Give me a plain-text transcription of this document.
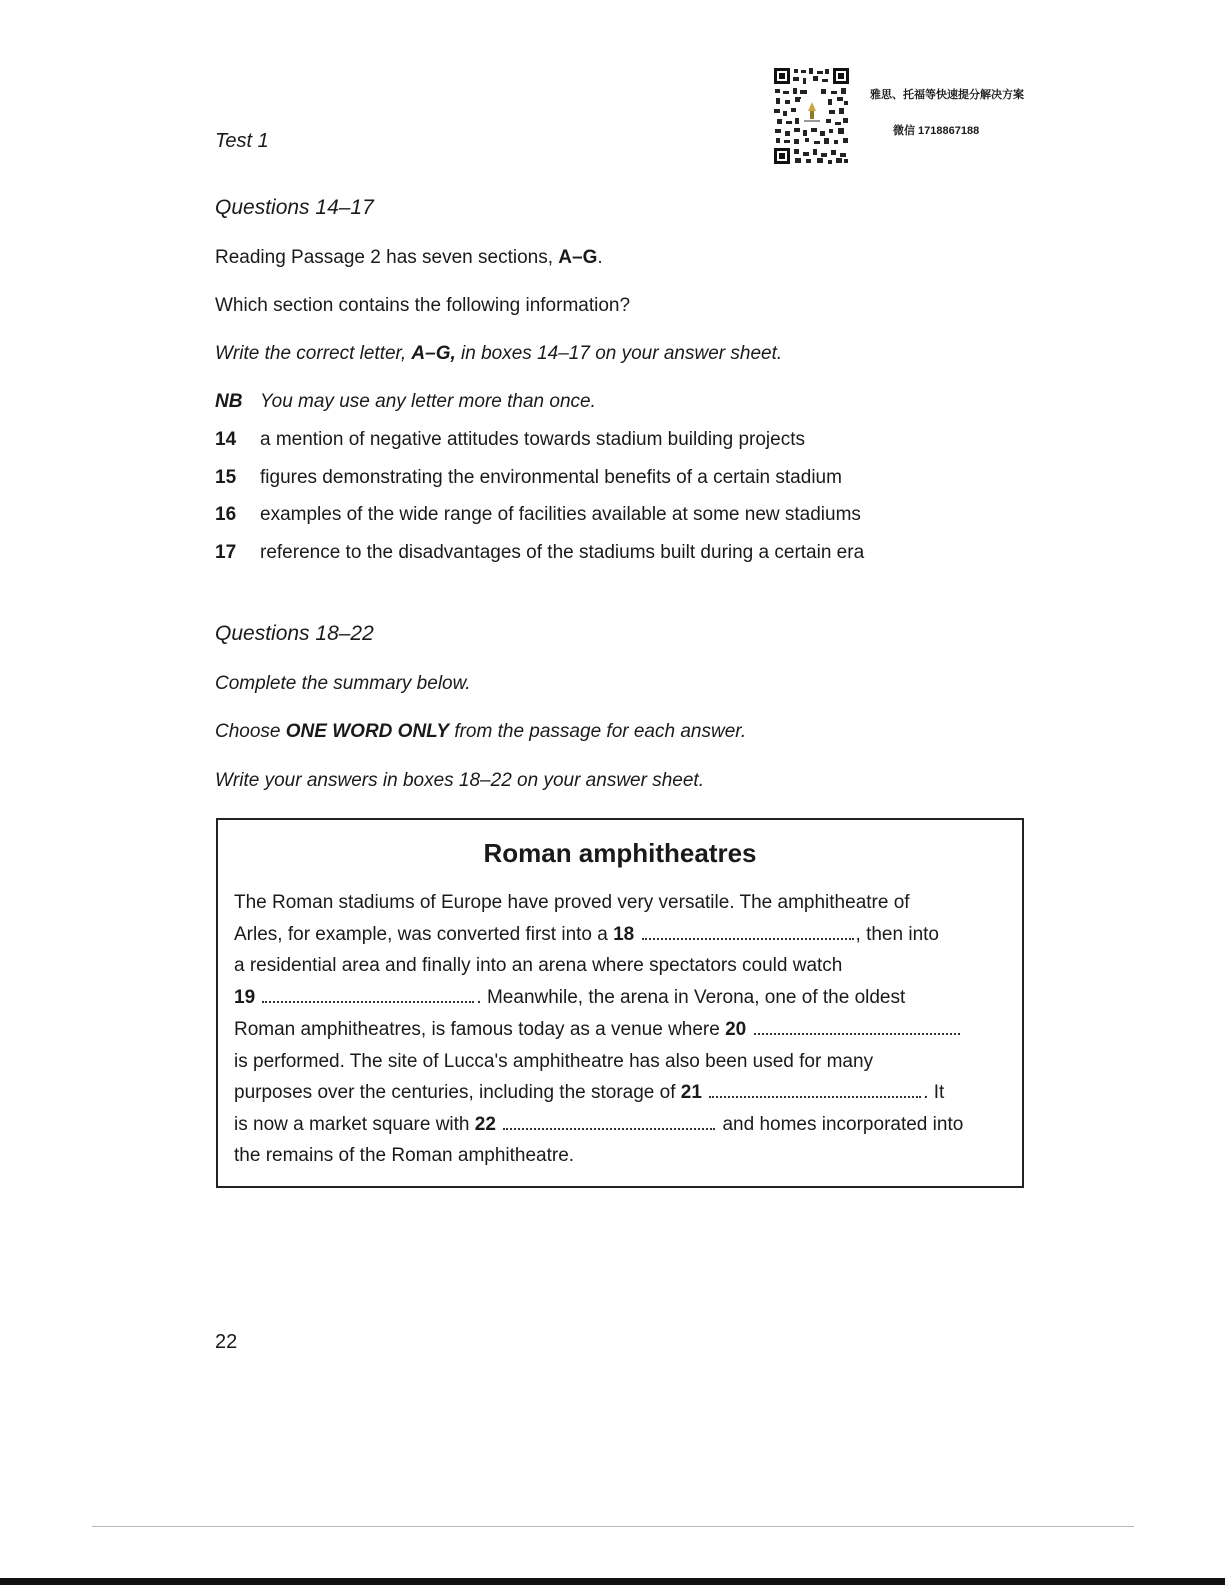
Test 1
雅思、托福等快速提分解决方案
微信 1718867188
Questions 14–17
Reading Passage 2 has seven sections, A–G.
Which section contains the following information?
Write the correct letter, A–G, in boxes 14–17 on your answer sheet.
NB You may use any letter more than once.
14 a mention of negative attitudes towards stadium building projects
15 figures demonstrating the environmental benefits of a certain stadium
16 examples of the wide range of facilities available at some new stadiums
17 reference to the disadvantages of the stadiums built during a certain era
Questions 18–22
Complete the summary below.
Choose ONE WORD ONLY from the passage for each answer.
Write your answers in boxes 18–22 on your answer sheet.
Roman amphitheatres
The Roman stadiums of Europe have proved very versatile. The amphitheatre of
Arles, for example, was converted first into a 18	, then into
a residential area and finally into an arena where spectators could watch
19	. Meanwhile, the arena in Verona, one of the oldest
Roman amphitheatres, is famous today as a venue where 20
is performed. The site of Lucca's amphitheatre has also been used for many
purposes over the centuries, including the storage of 21	. It
is now a market square with 22	and homes incorporated into
the remains of the Roman amphitheatre.
22
